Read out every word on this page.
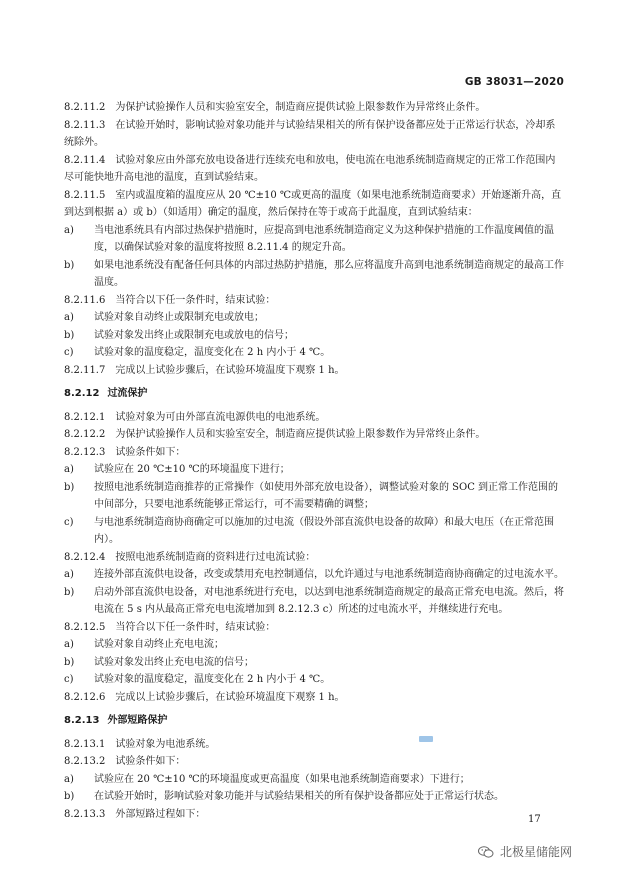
GB 38031—2020

8.2.11.2 为保护试验操作人员和实验室安全，制造商应提供试验上限参数作为异常终止条件。

8.2.11.3 在试验开始时，影响试验对象功能并与试验结果相关的所有保护设备都应处于正常运行状态，冷却系统除外。

8.2.11.4 试验对象应由外部充放电设备进行连续充电和放电，使电流在电池系统制造商规定的正常工作范围内尽可能快地升高电池的温度，直到试验结束。

8.2.11.5 室内或温度箱的温度应从 20 ℃±10 ℃或更高的温度（如果电池系统制造商要求）开始逐渐升高，直到达到根据 a）或 b）（如适用）确定的温度，然后保持在等于或高于此温度，直到试验结束：

a)	当电池系统具有内部过热保护措施时，应提高到电池系统制造商定义为这种保护措施的工作温度阈值的温度，以确保试验对象的温度将按照 8.2.11.4 的规定升高。
b)	如果电池系统没有配备任何具体的内部过热防护措施，那么应将温度升高到电池系统制造商规定的最高工作温度。

8.2.11.6 当符合以下任一条件时，结束试验：

a)	试验对象自动终止或限制充电或放电；
b)	试验对象发出终止或限制充电或放电的信号；
c)	试验对象的温度稳定，温度变化在 2 h 内小于 4 ℃。

8.2.11.7 完成以上试验步骤后，在试验环境温度下观察 1 h。

8.2.12 过流保护

8.2.12.1 试验对象为可由外部直流电源供电的电池系统。

8.2.12.2 为保护试验操作人员和实验室安全，制造商应提供试验上限参数作为异常终止条件。

8.2.12.3 试验条件如下：

a)	试验应在 20 ℃±10 ℃的环境温度下进行；
b)	按照电池系统制造商推荐的正常操作（如使用外部充放电设备），调整试验对象的 SOC 到正常工作范围的中间部分，只要电池系统能够正常运行，可不需要精确的调整；
c)	与电池系统制造商协商确定可以施加的过电流（假设外部直流供电设备的故障）和最大电压（在正常范围内）。

8.2.12.4 按照电池系统制造商的资料进行过电流试验：

a)	连接外部直流供电设备，改变或禁用充电控制通信，以允许通过与电池系统制造商协商确定的过电流水平。
b)	启动外部直流供电设备，对电池系统进行充电，以达到电池系统制造商规定的最高正常充电电流。然后，将电流在 5 s 内从最高正常充电电流增加到 8.2.12.3 c）所述的过电流水平，并继续进行充电。

8.2.12.5 当符合以下任一条件时，结束试验：

a)	试验对象自动终止充电电流；
b)	试验对象发出终止充电电流的信号；
c)	试验对象的温度稳定，温度变化在 2 h 内小于 4 ℃。

8.2.12.6 完成以上试验步骤后，在试验环境温度下观察 1 h。

8.2.13 外部短路保护

8.2.13.1 试验对象为电池系统。

8.2.13.2 试验条件如下：

a)	试验应在 20 ℃±10 ℃的环境温度或更高温度（如果电池系统制造商要求）下进行；
b)	在试验开始时，影响试验对象功能并与试验结果相关的所有保护设备都应处于正常运行状态。

8.2.13.3 外部短路过程如下：	17
北极星储能网
